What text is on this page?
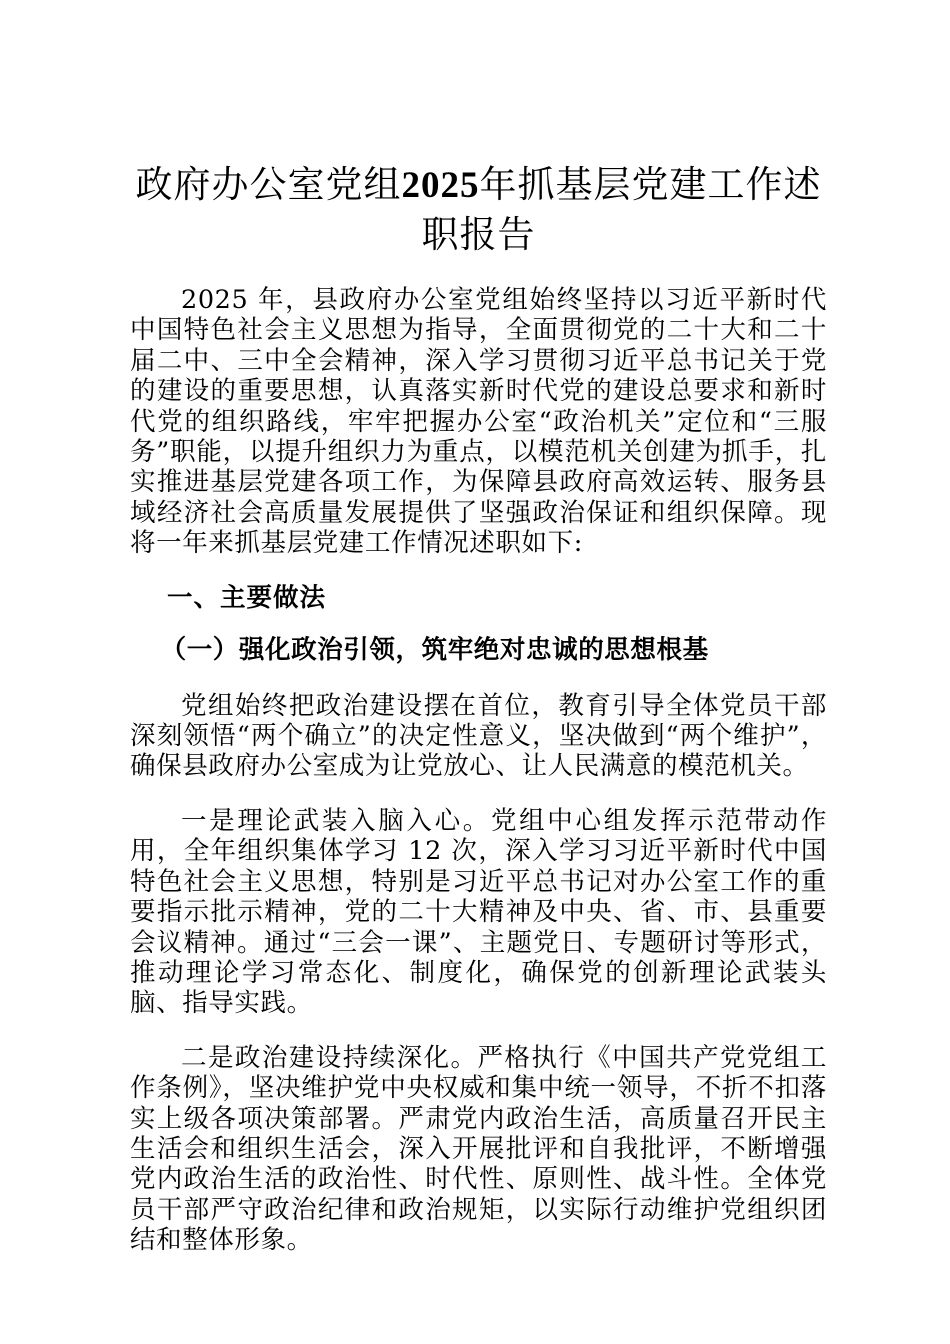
政府办公室党组2025年抓基层党建工作述职报告

2025 年，县政府办公室党组始终坚持以习近平新时代中国特色社会主义思想为指导，全面贯彻党的二十大和二十届二中、三中全会精神，深入学习贯彻习近平总书记关于党的建设的重要思想，认真落实新时代党的建设总要求和新时代党的组织路线，牢牢把握办公室“政治机关”定位和“三服务”职能，以提升组织力为重点，以模范机关创建为抓手，扎实推进基层党建各项工作，为保障县政府高效运转、服务县域经济社会高质量发展提供了坚强政治保证和组织保障。现将一年来抓基层党建工作情况述职如下:

一、主要做法
（一）强化政治引领，筑牢绝对忠诚的思想根基

党组始终把政治建设摆在首位，教育引导全体党员干部深刻领悟“两个确立”的决定性意义，坚决做到“两个维护”，确保县政府办公室成为让党放心、让人民满意的模范机关。

一是理论武装入脑入心。党组中心组发挥示范带动作用，全年组织集体学习 12 次，深入学习习近平新时代中国特色社会主义思想，特别是习近平总书记对办公室工作的重要指示批示精神，党的二十大精神及中央、省、市、县重要会议精神。通过“三会一课”、主题党日、专题研讨等形式，推动理论学习常态化、制度化，确保党的创新理论武装头脑、指导实践。

二是政治建设持续深化。严格执行《中国共产党党组工作条例》，坚决维护党中央权威和集中统一领导，不折不扣落实上级各项决策部署。严肃党内政治生活，高质量召开民主生活会和组织生活会，深入开展批评和自我批评，不断增强党内政治生活的政治性、时代性、原则性、战斗性。全体党员干部严守政治纪律和政治规矩，以实际行动维护党组织团结和整体形象。
